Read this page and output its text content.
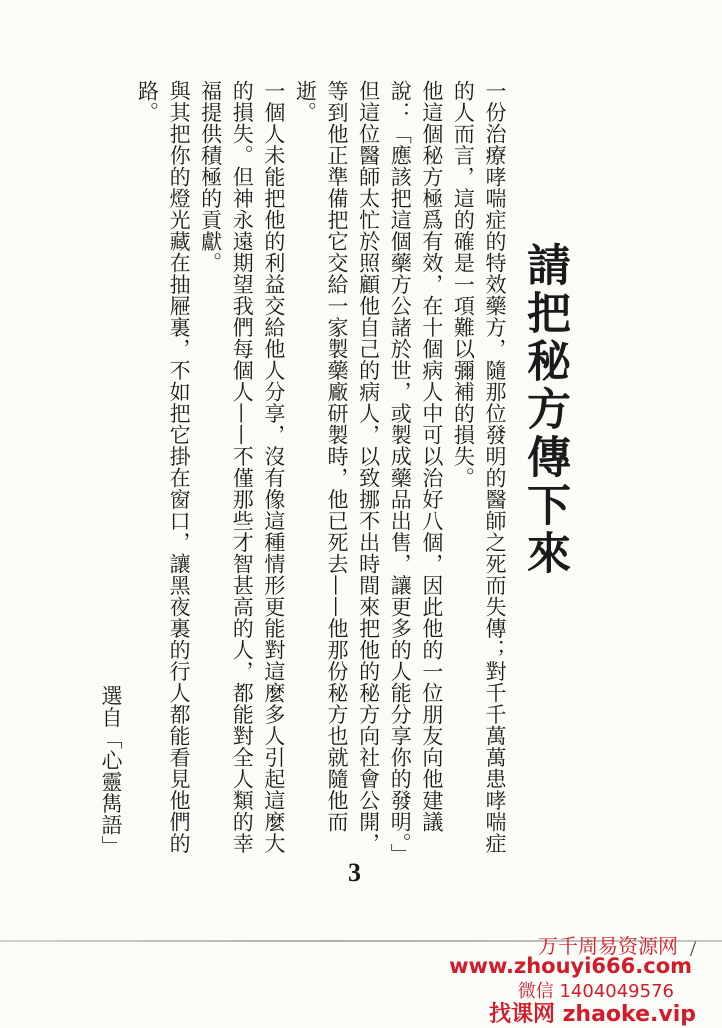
請把秘方傳下來

一份治療哮喘症的特效藥方，隨那位發明的醫師之死而失傳；對千千萬萬患哮喘症的人而言，這的確是一項難以彌補的損失。

他這個秘方極爲有效，在十個病人中可以治好八個，因此他的一位朋友向他建議說：「應該把這個藥方公諸於世，或製成藥品出售，讓更多的人能分享你的發明。」

但這位醫師太忙於照顧他自己的病人，以致挪不出時間來把他的秘方向社會公開，等到他正準備把它交給一家製藥廠研製時，他已死去——他那份秘方也就隨他而逝。

一個人未能把他的利益交給他人分享，沒有像這種情形更能對這麼多人引起這麼大的損失。但神永遠期望我們每個人——不僅那些才智甚高的人，都能對全人類的幸福提供積極的貢獻。

與其把你的燈光藏在抽屜裏，不如把它掛在窗口，讓黑夜裏的行人都能看見他們的路。

選自「心靈雋語」
3
/
万千周易资源网
www.zhouyi666.com
微信 1404049576
找课网 zhaoke.vip
